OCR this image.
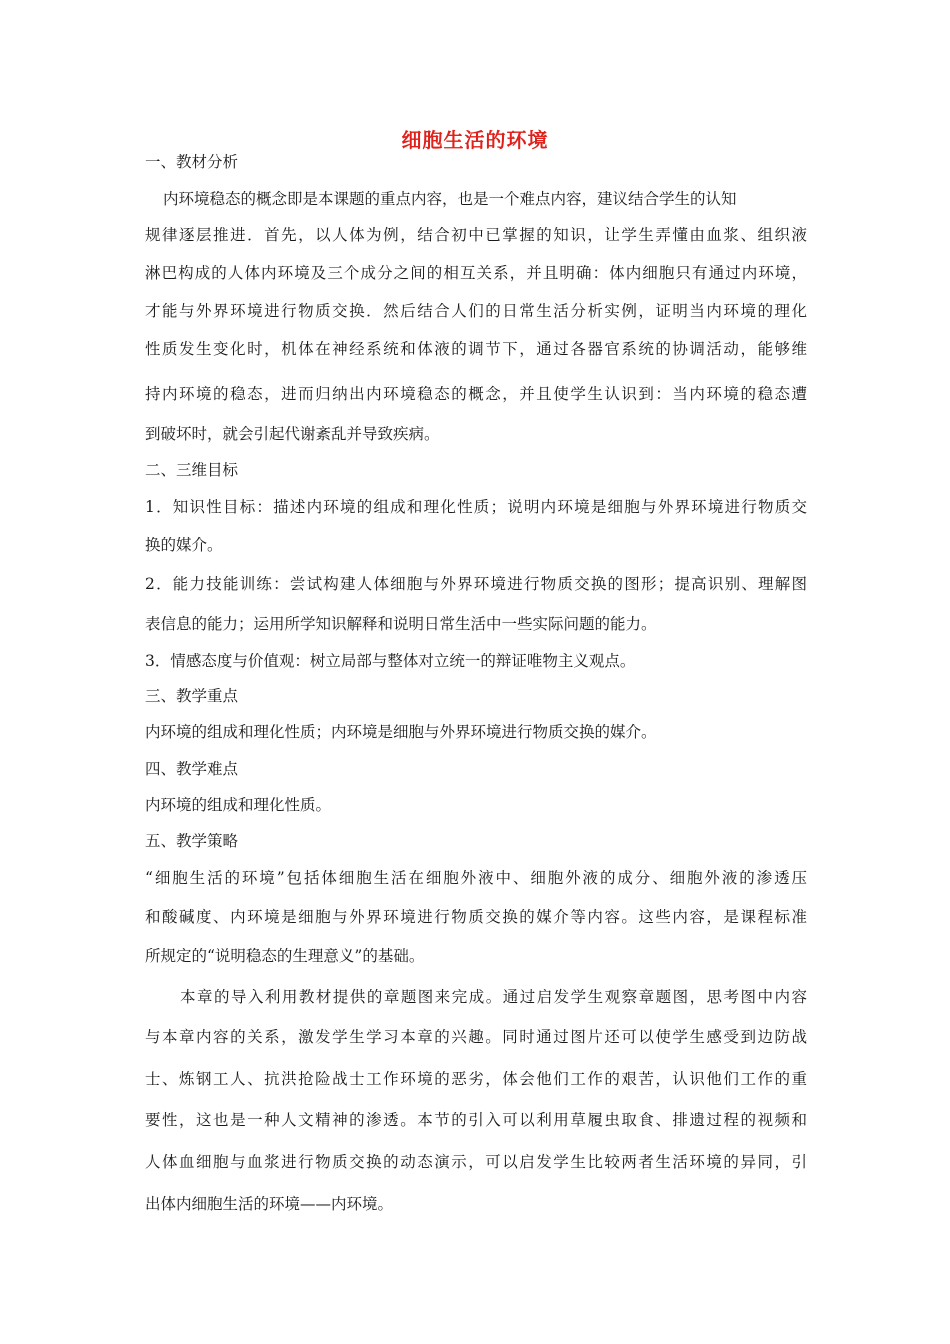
细胞生活的环境
一、教材分析
内环境稳态的概念即是本课题的重点内容，也是一个难点内容，建议结合学生的认知
规律逐层推进．首先，以人体为例，结合初中已掌握的知识，让学生弄懂由血浆、组织液
淋巴构成的人体内环境及三个成分之间的相互关系，并且明确：体内细胞只有通过内环境，
才能与外界环境进行物质交换．然后结合人们的日常生活分析实例，证明当内环境的理化
性质发生变化时，机体在神经系统和体液的调节下，通过各器官系统的协调活动，能够维
持内环境的稳态，进而归纳出内环境稳态的概念，并且使学生认识到：当内环境的稳态遭
到破坏时，就会引起代谢紊乱并导致疾病。
二、三维目标
1．知识性目标：描述内环境的组成和理化性质；说明内环境是细胞与外界环境进行物质交
换的媒介。
2．能力技能训练：尝试构建人体细胞与外界环境进行物质交换的图形；提高识别、理解图
表信息的能力；运用所学知识解释和说明日常生活中一些实际问题的能力。
3．情感态度与价值观：树立局部与整体对立统一的辩证唯物主义观点。
三、教学重点
内环境的组成和理化性质；内环境是细胞与外界环境进行物质交换的媒介。
四、教学难点
内环境的组成和理化性质。
五、教学策略
“细胞生活的环境”包括体细胞生活在细胞外液中、细胞外液的成分、细胞外液的渗透压
和酸碱度、内环境是细胞与外界环境进行物质交换的媒介等内容。这些内容，是课程标准
所规定的“说明稳态的生理意义”的基础。
本章的导入利用教材提供的章题图来完成。通过启发学生观察章题图，思考图中内容
与本章内容的关系，激发学生学习本章的兴趣。同时通过图片还可以使学生感受到边防战
士、炼钢工人、抗洪抢险战士工作环境的恶劣，体会他们工作的艰苦，认识他们工作的重
要性，这也是一种人文精神的渗透。本节的引入可以利用草履虫取食、排遗过程的视频和
人体血细胞与血浆进行物质交换的动态演示，可以启发学生比较两者生活环境的异同，引
出体内细胞生活的环境——内环境。
